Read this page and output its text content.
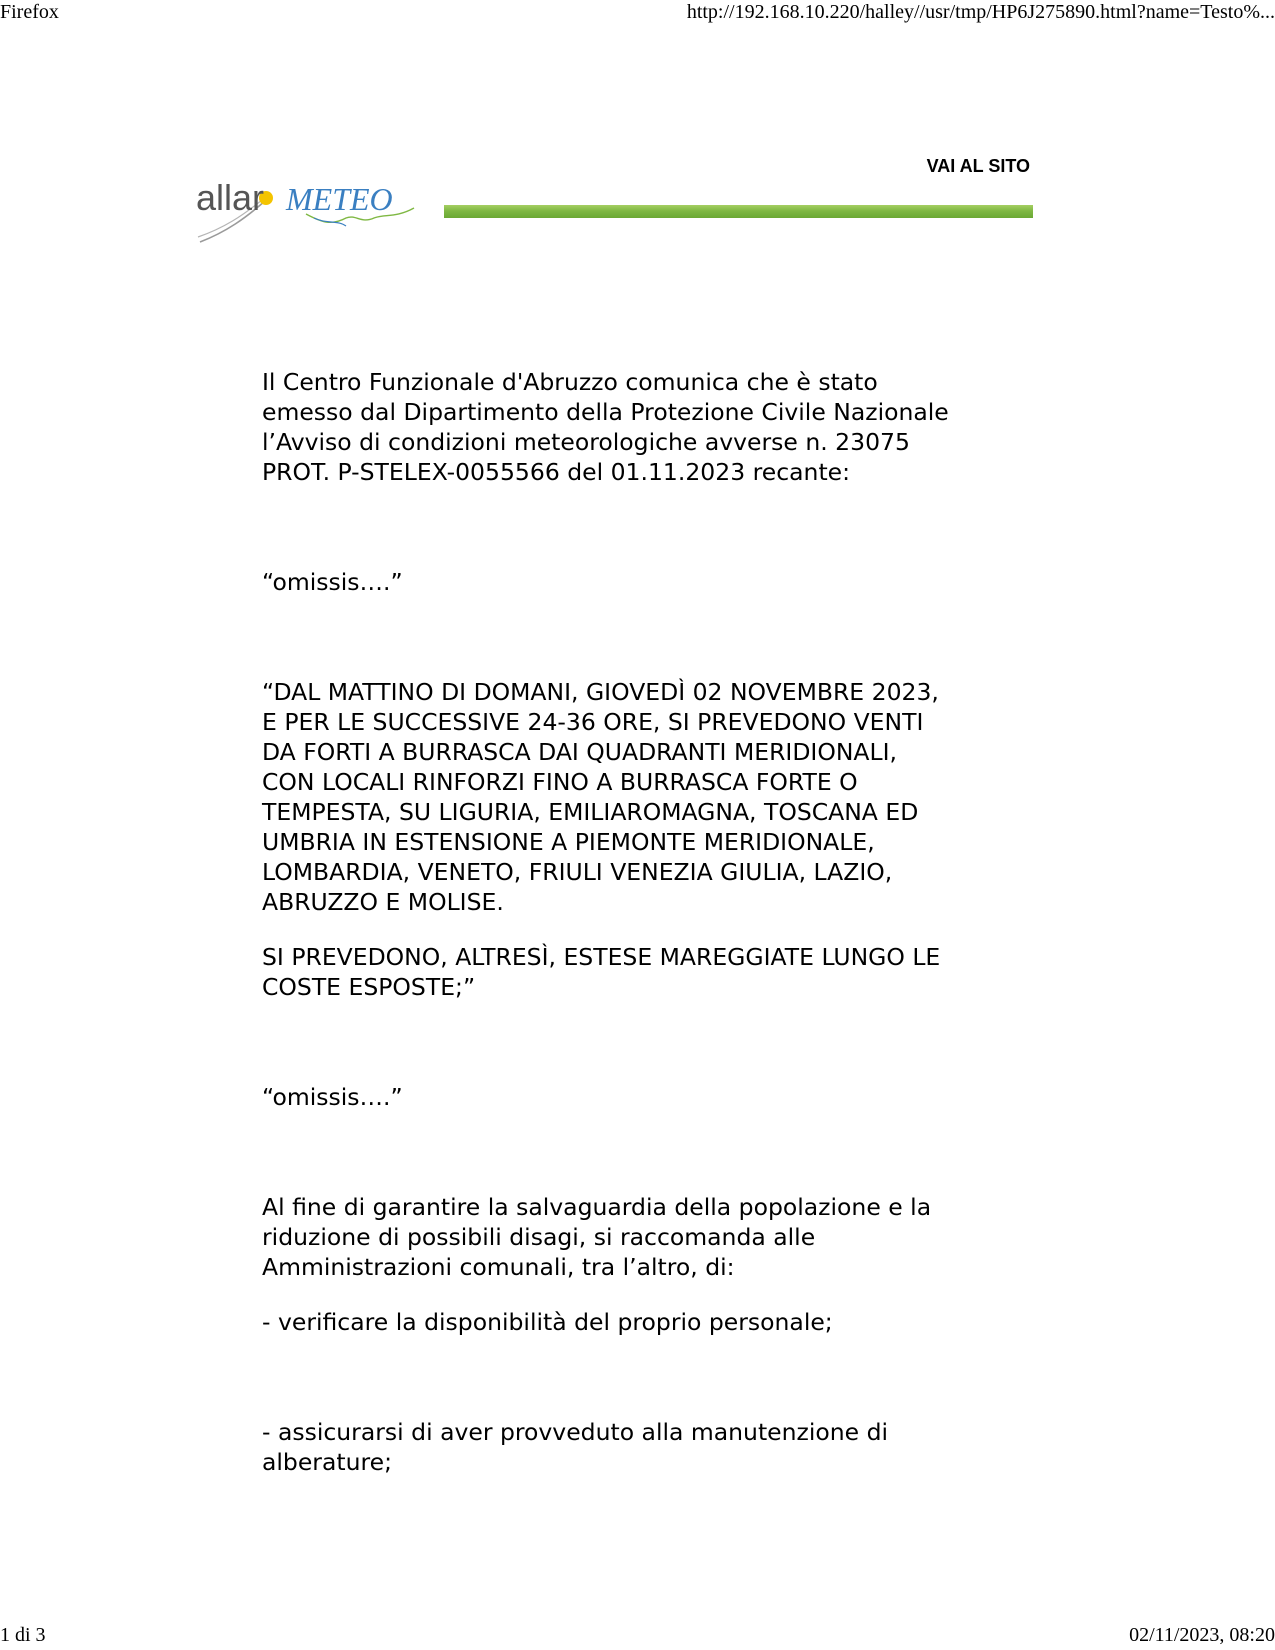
Firefox	http://192.168.10.220/halley//usr/tmp/HP6J275890.html?name=Testo%...
allar METEO
VAI AL SITO

Il Centro Funzionale d'Abruzzo comunica che è stato
emesso dal Dipartimento della Protezione Civile Nazionale
l’Avviso di condizioni meteorologiche avverse n. 23075
PROT. P-STELEX-0055566 del 01.11.2023 recante:

“omissis….”

“DAL MATTINO DI DOMANI, GIOVEDÌ 02 NOVEMBRE 2023,
E PER LE SUCCESSIVE 24-36 ORE, SI PREVEDONO VENTI
DA FORTI A BURRASCA DAI QUADRANTI MERIDIONALI,
CON LOCALI RINFORZI FINO A BURRASCA FORTE O
TEMPESTA, SU LIGURIA, EMILIAROMAGNA, TOSCANA ED
UMBRIA IN ESTENSIONE A PIEMONTE MERIDIONALE,
LOMBARDIA, VENETO, FRIULI VENEZIA GIULIA, LAZIO,
ABRUZZO E MOLISE.

SI PREVEDONO, ALTRESÌ, ESTESE MAREGGIATE LUNGO LE
COSTE ESPOSTE;”

“omissis….”

Al fine di garantire la salvaguardia della popolazione e la
riduzione di possibili disagi, si raccomanda alle
Amministrazioni comunali, tra l’altro, di:

- verificare la disponibilità del proprio personale;

- assicurarsi di aver provveduto alla manutenzione di
alberature;

1 di 3	02/11/2023, 08:20
